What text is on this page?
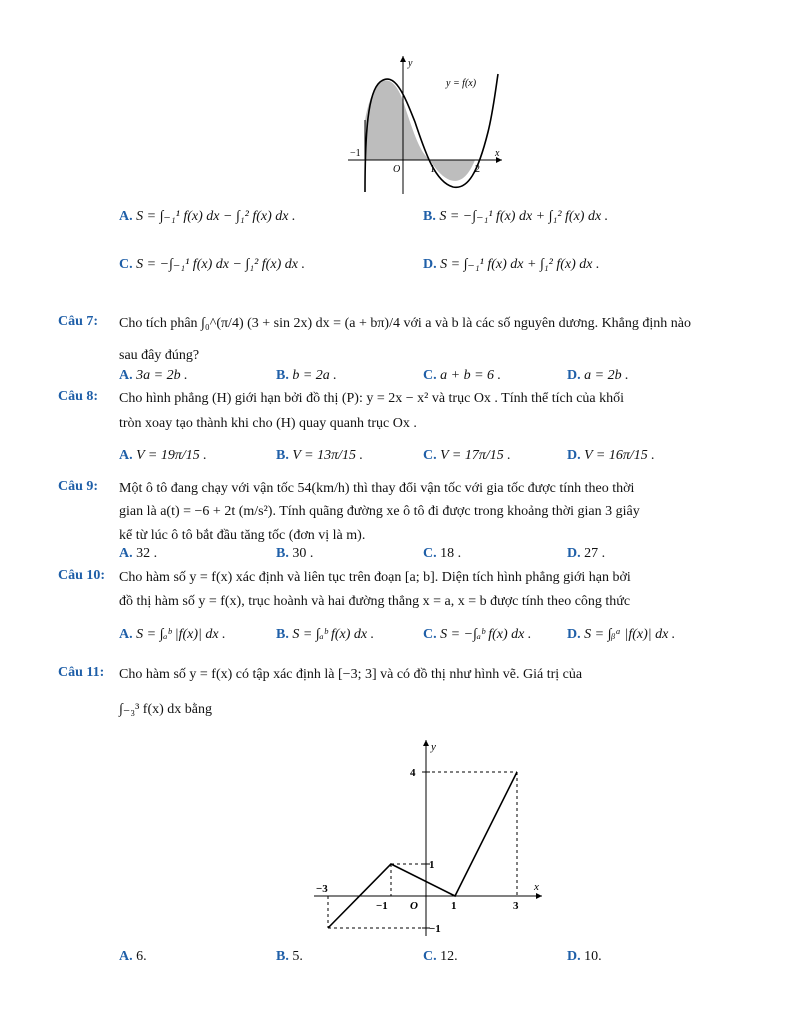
y
x
y = f(x)
−1
O	1	2
A. S = ∫₋₁¹ f(x) dx − ∫₁² f(x) dx .	B. S = −∫₋₁¹ f(x) dx + ∫₁² f(x) dx .
C. S = −∫₋₁¹ f(x) dx − ∫₁² f(x) dx .	D. S = ∫₋₁¹ f(x) dx + ∫₁² f(x) dx .
Câu 7: Cho tích phân ∫₀^(π/4) (3 + sin 2x) dx = (a + bπ)/4 với a và b là các số nguyên dương. Khẳng định nào
sau đây đúng?
A. 3a = 2b .	B. b = 2a .	C. a + b = 6 .	D. a = 2b .
Câu 8: Cho hình phẳng (H) giới hạn bởi đồ thị (P): y = 2x − x² và trục Ox . Tính thể tích của khối
tròn xoay tạo thành khi cho (H) quay quanh trục Ox .
A. V = 19π/15 .	B. V = 13π/15 .	C. V = 17π/15 .	D. V = 16π/15 .
Câu 9: Một ô tô đang chạy với vận tốc 54(km/h) thì thay đổi vận tốc với gia tốc được tính theo thời
gian là a(t) = −6 + 2t (m/s²). Tính quãng đường xe ô tô đi được trong khoảng thời gian 3 giây
kể từ lúc ô tô bắt đầu tăng tốc (đơn vị là m).
A. 32 .	B. 30 .	C. 18 .	D. 27 .
Câu 10: Cho hàm số y = f(x) xác định và liên tục trên đoạn [a; b]. Diện tích hình phẳng giới hạn bởi
đồ thị hàm số y = f(x), trục hoành và hai đường thẳng x = a, x = b được tính theo công thức
A. S = ∫ₐᵇ |f(x)| dx .	B. S = ∫ₐᵇ f(x) dx .	C. S = −∫ₐᵇ f(x) dx .	D. S = ∫ᵦᵃ |f(x)| dx .
Câu 11: Cho hàm số y = f(x) có tập xác định là [−3; 3] và có đồ thị như hình vẽ. Giá trị của
∫₋₃³ f(x) dx bằng
y
x
4
1
−1
−3
−1 O	1	3
A. 6.	B. 5.	C. 12.	D. 10.
